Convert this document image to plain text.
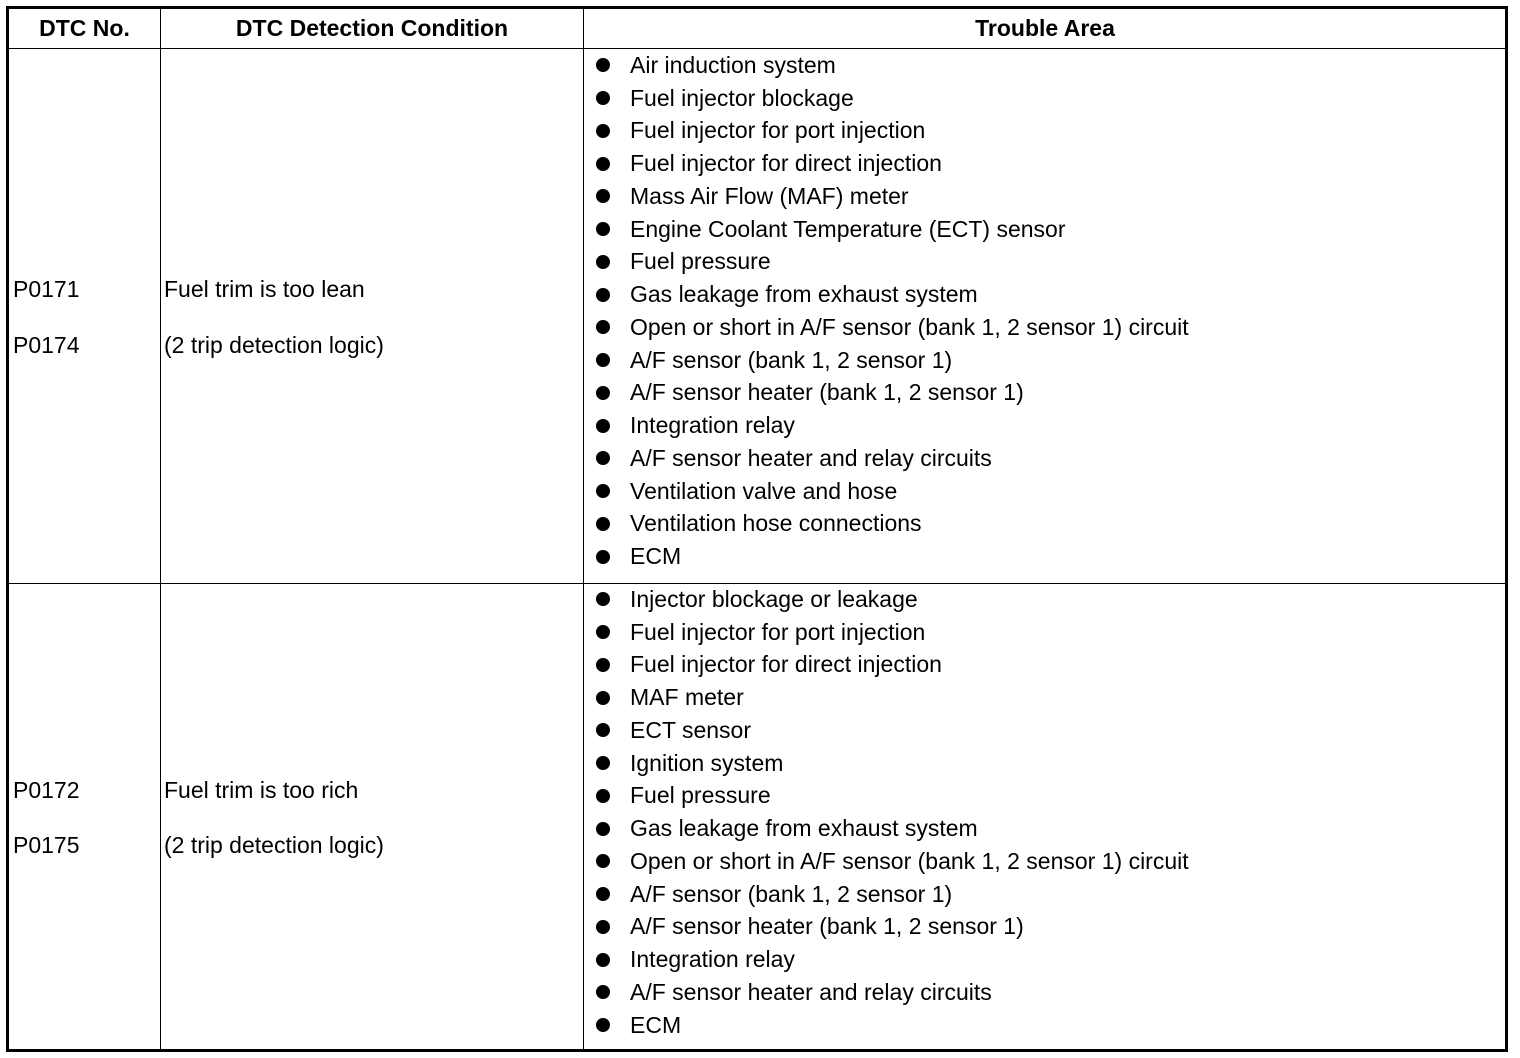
DTC No.	DTC Detection Condition	Trouble Area
P0171
P0174
Fuel trim is too lean
(2 trip detection logic)
Air induction system
Fuel injector blockage
Fuel injector for port injection
Fuel injector for direct injection
Mass Air Flow (MAF) meter
Engine Coolant Temperature (ECT) sensor
Fuel pressure
Gas leakage from exhaust system
Open or short in A/F sensor (bank 1, 2 sensor 1) circuit
A/F sensor (bank 1, 2 sensor 1)
A/F sensor heater (bank 1, 2 sensor 1)
Integration relay
A/F sensor heater and relay circuits
Ventilation valve and hose
Ventilation hose connections
ECM
P0172
P0175
Fuel trim is too rich
(2 trip detection logic)
Injector blockage or leakage
Fuel injector for port injection
Fuel injector for direct injection
MAF meter
ECT sensor
Ignition system
Fuel pressure
Gas leakage from exhaust system
Open or short in A/F sensor (bank 1, 2 sensor 1) circuit
A/F sensor (bank 1, 2 sensor 1)
A/F sensor heater (bank 1, 2 sensor 1)
Integration relay
A/F sensor heater and relay circuits
ECM
